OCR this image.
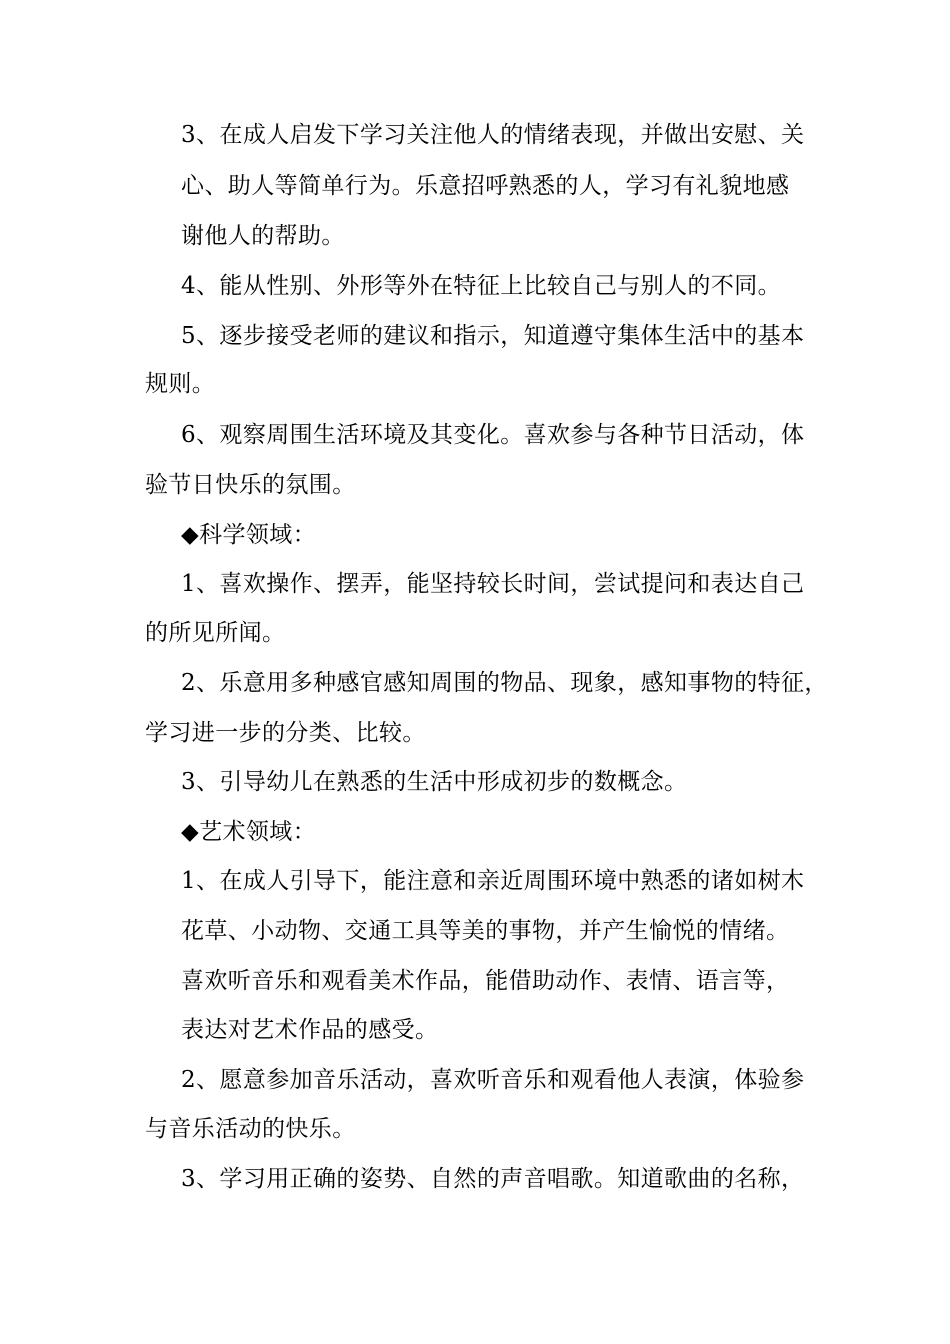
3、在成人启发下学习关注他人的情绪表现，并做出安慰、关
心、助人等简单行为。乐意招呼熟悉的人，学习有礼貌地感
谢他人的帮助。
4、能从性别、外形等外在特征上比较自己与别人的不同。
5、逐步接受老师的建议和指示，知道遵守集体生活中的基本
规则。
6、观察周围生活环境及其变化。喜欢参与各种节日活动，体
验节日快乐的氛围。
◆科学领域：
1、喜欢操作、摆弄，能坚持较长时间，尝试提问和表达自己
的所见所闻。
2、乐意用多种感官感知周围的物品、现象，感知事物的特征，
学习进一步的分类、比较。
3、引导幼儿在熟悉的生活中形成初步的数概念。
◆艺术领域：
1、在成人引导下，能注意和亲近周围环境中熟悉的诸如树木
花草、小动物、交通工具等美的事物，并产生愉悦的情绪。
喜欢听音乐和观看美术作品，能借助动作、表情、语言等，
表达对艺术作品的感受。
2、愿意参加音乐活动，喜欢听音乐和观看他人表演，体验参
与音乐活动的快乐。
3、学习用正确的姿势、自然的声音唱歌。知道歌曲的名称，
